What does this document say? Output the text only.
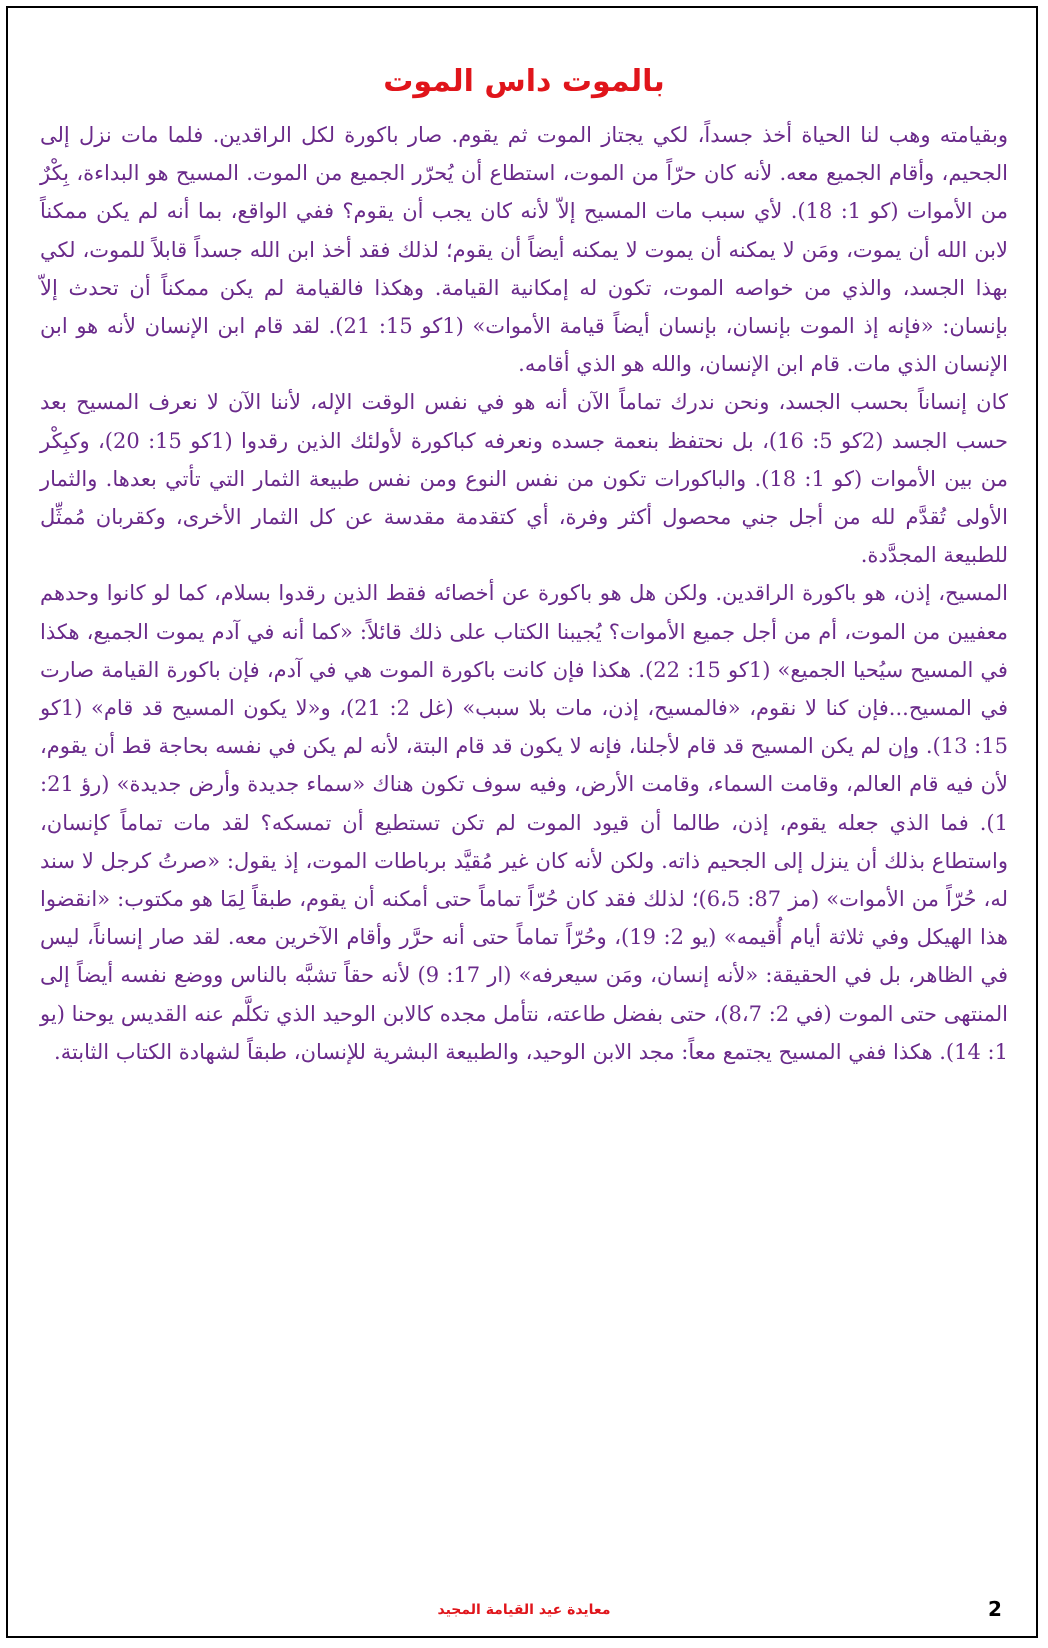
بالموت داس الموت

وبقيامته وهب لنا الحياة أخذ جسداً، لكي يجتاز الموت ثم يقوم. صار باكورة لكل الراقدين. فلما مات نزل إلى الجحيم، وأقام الجميع معه. لأنه كان حرّاً من الموت، استطاع أن يُحرّر الجميع من الموت. المسيح هو البداءة، بِكْرٌ من الأموات (كو 1: 18). لأي سبب مات المسيح إلاّ لأنه كان يجب أن يقوم؟ ففي الواقع، بما أنه لم يكن ممكناً لابن الله أن يموت، ومَن لا يمكنه أن يموت لا يمكنه أيضاً أن يقوم؛ لذلك فقد أخذ ابن الله جسداً قابلاً للموت، لكي بهذا الجسد، والذي من خواصه الموت، تكون له إمكانية القيامة. وهكذا فالقيامة لم يكن ممكناً أن تحدث إلاّ بإنسان: «فإنه إذ الموت بإنسان، بإنسان أيضاً قيامة الأموات» (1كو 15: 21). لقد قام ابن الإنسان لأنه هو ابن الإنسان الذي مات. قام ابن الإنسان، والله هو الذي أقامه.

كان إنساناً بحسب الجسد، ونحن ندرك تماماً الآن أنه هو في نفس الوقت الإله، لأننا الآن لا نعرف المسيح بعد حسب الجسد (2كو 5: 16)، بل نحتفظ بنعمة جسده ونعرفه كباكورة لأولئك الذين رقدوا (1كو 15: 20)، وكبِكْر من بين الأموات (كو 1: 18). والباكورات تكون من نفس النوع ومن نفس طبيعة الثمار التي تأتي بعدها. والثمار الأولى تُقدَّم لله من أجل جني محصول أكثر وفرة، أي كتقدمة مقدسة عن كل الثمار الأخرى، وكقربان مُمثِّل للطبيعة المجدَّدة.

المسيح، إذن، هو باكورة الراقدين. ولكن هل هو باكورة عن أخصائه فقط الذين رقدوا بسلام، كما لو كانوا وحدهم معفيين من الموت، أم من أجل جميع الأموات؟ يُجيبنا الكتاب على ذلك قائلاً: «كما أنه في آدم يموت الجميع، هكذا في المسيح سيُحيا الجميع» (1كو 15: 22). هكذا فإن كانت باكورة الموت هي في آدم، فإن باكورة القيامة صارت في المسيح...فإن كنا لا نقوم، «فالمسيح، إذن، مات بلا سبب» (غل 2: 21)، و«لا يكون المسيح قد قام» (1كو 15: 13). وإن لم يكن المسيح قد قام لأجلنا، فإنه لا يكون قد قام البتة، لأنه لم يكن في نفسه بحاجة قط أن يقوم، لأن فيه قام العالم، وقامت السماء، وقامت الأرض، وفيه سوف تكون هناك «سماء جديدة وأرض جديدة» (رؤ 21: 1). فما الذي جعله يقوم، إذن، طالما أن قيود الموت لم تكن تستطيع أن تمسكه؟ لقد مات تماماً كإنسان، واستطاع بذلك أن ينزل إلى الجحيم ذاته. ولكن لأنه كان غير مُقيَّد برباطات الموت، إذ يقول: «صرتُ كرجل لا سند له، حُرّاً من الأموات» (مز 87: 6،5)؛ لذلك فقد كان حُرّاً تماماً حتى أمكنه أن يقوم، طبقاً لِمَا هو مكتوب: «انقضوا هذا الهيكل وفي ثلاثة أيام أُقيمه» (يو 2: 19)، وحُرّاً تماماً حتى أنه حرَّر وأقام الآخرين معه. لقد صار إنساناً، ليس في الظاهر، بل في الحقيقة: «لأنه إنسان، ومَن سيعرفه» (ار 17: 9) لأنه حقاً تشبَّه بالناس ووضع نفسه أيضاً إلى المنتهى حتى الموت (في 2: 8،7)، حتى بفضل طاعته، نتأمل مجده كالابن الوحيد الذي تكلَّم عنه القديس يوحنا (يو 1: 14). هكذا ففي المسيح يجتمع معاً: مجد الابن الوحيد، والطبيعة البشرية للإنسان، طبقاً لشهادة الكتاب الثابتة.

معايدة عيد القيامة المجيد	2
